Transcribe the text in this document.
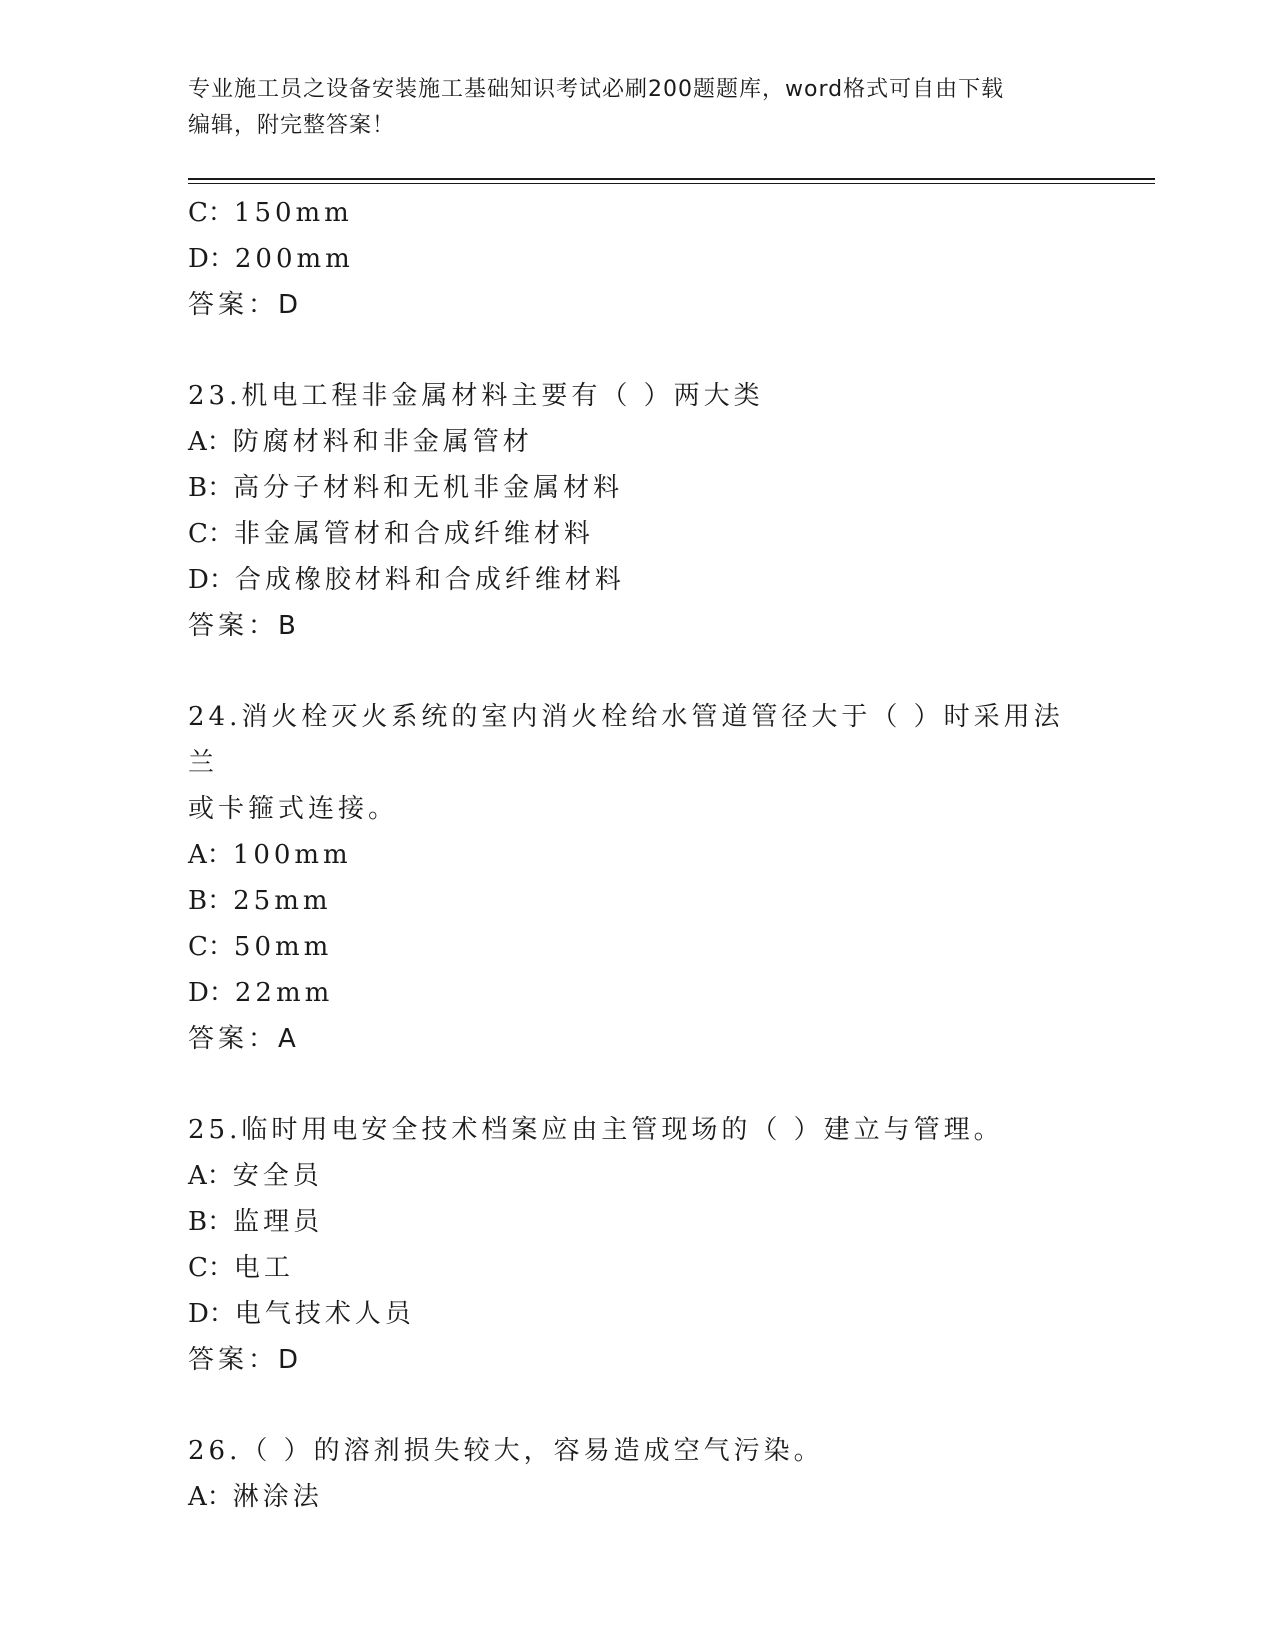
专业施工员之设备安装施工基础知识考试必刷200题题库，word格式可自由下载
编辑，附完整答案！
C：150mm
D：200mm
答案：D
23.机电工程非金属材料主要有（ ）两大类
A：防腐材料和非金属管材
B：高分子材料和无机非金属材料
C：非金属管材和合成纤维材料
D：合成橡胶材料和合成纤维材料
答案：B
24.消火栓灭火系统的室内消火栓给水管道管径大于（ ）时采用法兰
或卡箍式连接。
A：100mm
B：25mm
C：50mm
D：22mm
答案：A
25.临时用电安全技术档案应由主管现场的（ ）建立与管理。
A：安全员
B：监理员
C：电工
D：电气技术人员
答案：D
26.（ ）的溶剂损失较大，容易造成空气污染。
A：淋涂法
